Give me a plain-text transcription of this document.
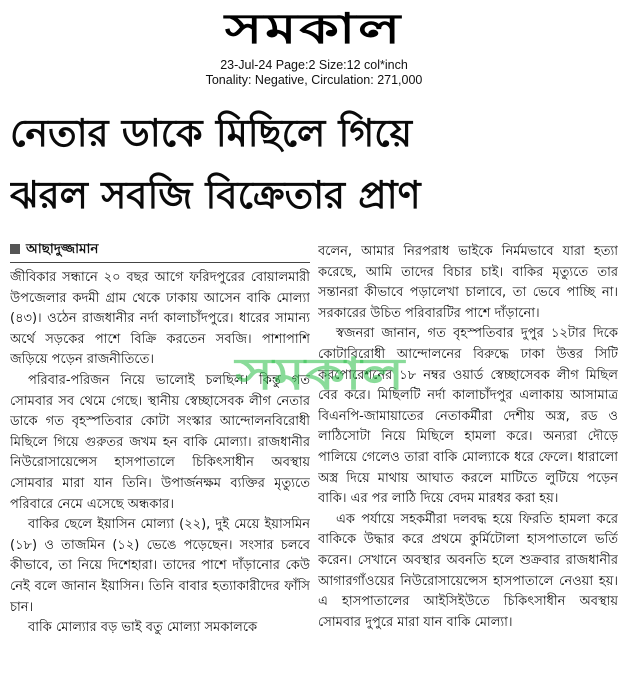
সমকাল
23-Jul-24 Page:2 Size:12 col*inch
Tonality: Negative, Circulation: 271,000
নেতার ডাকে মিছিলে গিয়ে
ঝরল সবজি বিক্রেতার প্রাণ
আছাদুজ্জামান

জীবিকার সন্ধানে ২০ বছর আগে ফরিদপুরের বোয়ালমারী উপজেলার কদমী গ্রাম থেকে ঢাকায় আসেন বাকি মোল্যা (৪৩)। ওঠেন রাজধানীর নর্দা কালাচাঁদপুরে। ধারের সামান্য অর্থে সড়কের পাশে বিক্রি করতেন সবজি। পাশাপাশি জড়িয়ে পড়েন রাজনীতিতে।

পরিবার-পরিজন নিয়ে ভালোই চলছিল। কিন্তু গত সোমবার সব থেমে গেছে। স্থানীয় স্বেচ্ছাসেবক লীগ নেতার ডাকে গত বৃহস্পতিবার কোটা সংস্কার আন্দোলনবিরোধী মিছিলে গিয়ে গুরুতর জখম হন বাকি মোল্যা। রাজধানীর নিউরোসায়েন্সেস হাসপাতালে চিকিৎসাধীন অবস্থায় সোমবার মারা যান তিনি। উপার্জনক্ষম ব্যক্তির মৃত্যুতে পরিবারে নেমে এসেছে অন্ধকার।

বাকির ছেলে ইয়াসিন মোল্যা (২২), দুই মেয়ে ইয়াসমিন (১৮) ও তাজমিন (১২) ভেঙে পড়েছেন। সংসার চলবে কীভাবে, তা নিয়ে দিশেহারা। তাদের পাশে দাঁড়ানোর কেউ নেই বলে জানান ইয়াসিন। তিনি বাবার হত্যাকারীদের ফাঁসি চান।

বাকি মোল্যার বড় ভাই বতু মোল্যা সমকালকে

বলেন, আমার নিরপরাধ ভাইকে নির্মমভাবে যারা হত্যা করেছে, আমি তাদের বিচার চাই। বাকির মৃত্যুতে তার সন্তানরা কীভাবে পড়ালেখা চালাবে, তা ভেবে পাচ্ছি না। সরকারের উচিত পরিবারটির পাশে দাঁড়ানো।

স্বজনরা জানান, গত বৃহস্পতিবার দুপুর ১২টার দিকে কোটাবিরোধী আন্দোলনের বিরুদ্ধে ঢাকা উত্তর সিটি করপোরেশনের ১৮ নম্বর ওয়ার্ড স্বেচ্ছাসেবক লীগ মিছিল বের করে। মিছিলটি নর্দা কালাচাঁদপুর এলাকায় আসামাত্র বিএনপি-জামায়াতের নেতাকর্মীরা দেশীয় অস্ত্র, রড ও লাঠিসোটা নিয়ে মিছিলে হামলা করে। অন্যরা দৌড়ে পালিয়ে গেলেও তারা বাকি মোল্যাকে ধরে ফেলে। ধারালো অস্ত্র দিয়ে মাথায় আঘাত করলে মাটিতে লুটিয়ে পড়েন বাকি। এর পর লাঠি দিয়ে বেদম মারধর করা হয়।

এক পর্যায়ে সহকর্মীরা দলবদ্ধ হয়ে ফিরতি হামলা করে বাকিকে উদ্ধার করে প্রথমে কুর্মিটোলা হাসপাতালে ভর্তি করেন। সেখানে অবস্থার অবনতি হলে শুক্রবার রাজধানীর আগারগাঁওয়ের নিউরোসায়েন্সেস হাসপাতালে নেওয়া হয়। এ হাসপাতালের আইসিইউতে চিকিৎসাধীন অবস্থায় সোমবার দুপুরে মারা যান বাকি মোল্যা।

সমকাল
